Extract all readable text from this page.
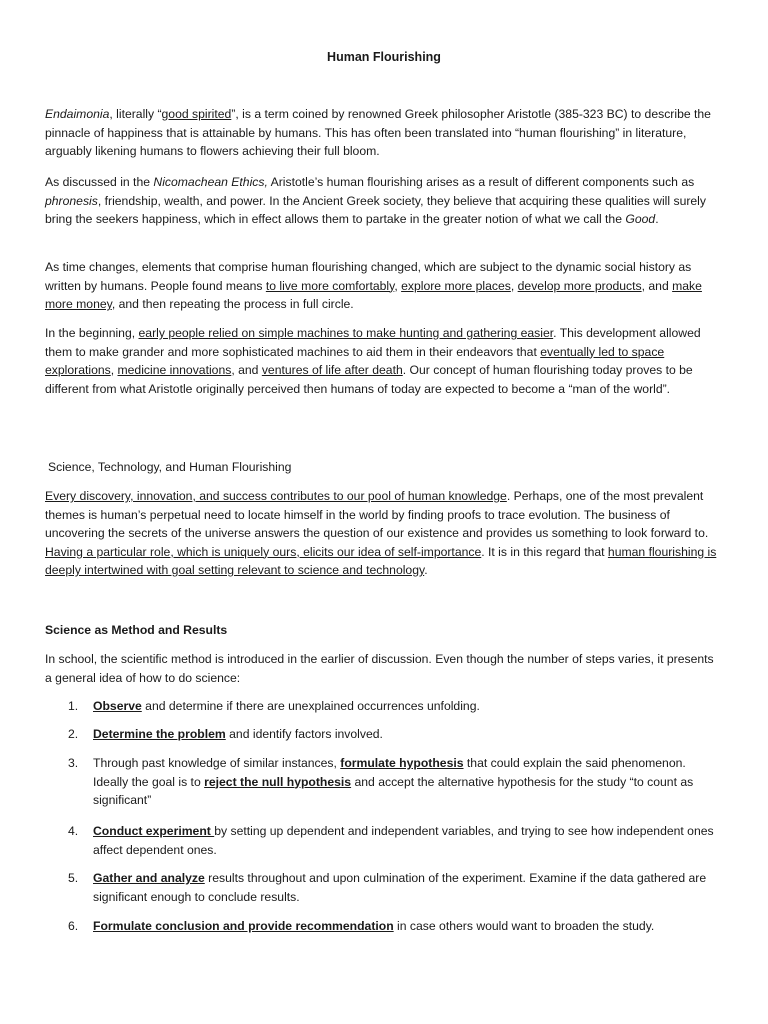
Human Flourishing

Endaimonia, literally “good spirited”, is a term coined by renowned Greek philosopher Aristotle (385-323 BC) to describe the pinnacle of happiness that is attainable by humans. This has often been translated into “human flourishing” in literature, arguably likening humans to flowers achieving their full bloom.

As discussed in the Nicomachean Ethics, Aristotle’s human flourishing arises as a result of different components such as phronesis, friendship, wealth, and power. In the Ancient Greek society, they believe that acquiring these qualities will surely bring the seekers happiness, which in effect allows them to partake in the greater notion of what we call the Good.

As time changes, elements that comprise human flourishing changed, which are subject to the dynamic social history as written by humans. People found means to live more comfortably, explore more places, develop more products, and make more money, and then repeating the process in full circle.

In the beginning, early people relied on simple machines to make hunting and gathering easier. This development allowed them to make grander and more sophisticated machines to aid them in their endeavors that eventually led to space explorations, medicine innovations, and ventures of life after death. Our concept of human flourishing today proves to be different from what Aristotle originally perceived then humans of today are expected to become a “man of the world”.

Science, Technology, and Human Flourishing

Every discovery, innovation, and success contributes to our pool of human knowledge. Perhaps, one of the most prevalent themes is human’s perpetual need to locate himself in the world by finding proofs to trace evolution. The business of uncovering the secrets of the universe answers the question of our existence and provides us something to look forward to. Having a particular role, which is uniquely ours, elicits our idea of self-importance. It is in this regard that human flourishing is deeply intertwined with goal setting relevant to science and technology.

Science as Method and Results

In school, the scientific method is introduced in the earlier of discussion. Even though the number of steps varies, it presents a general idea of how to do science:

1. Observe and determine if there are unexplained occurrences unfolding.
2. Determine the problem and identify factors involved.
3. Through past knowledge of similar instances, formulate hypothesis that could explain the said phenomenon. Ideally the goal is to reject the null hypothesis and accept the alternative hypothesis for the study “to count as significant”
4. Conduct experiment by setting up dependent and independent variables, and trying to see how independent ones affect dependent ones.
5. Gather and analyze results throughout and upon culmination of the experiment. Examine if the data gathered are significant enough to conclude results.
6. Formulate conclusion and provide recommendation in case others would want to broaden the study.
